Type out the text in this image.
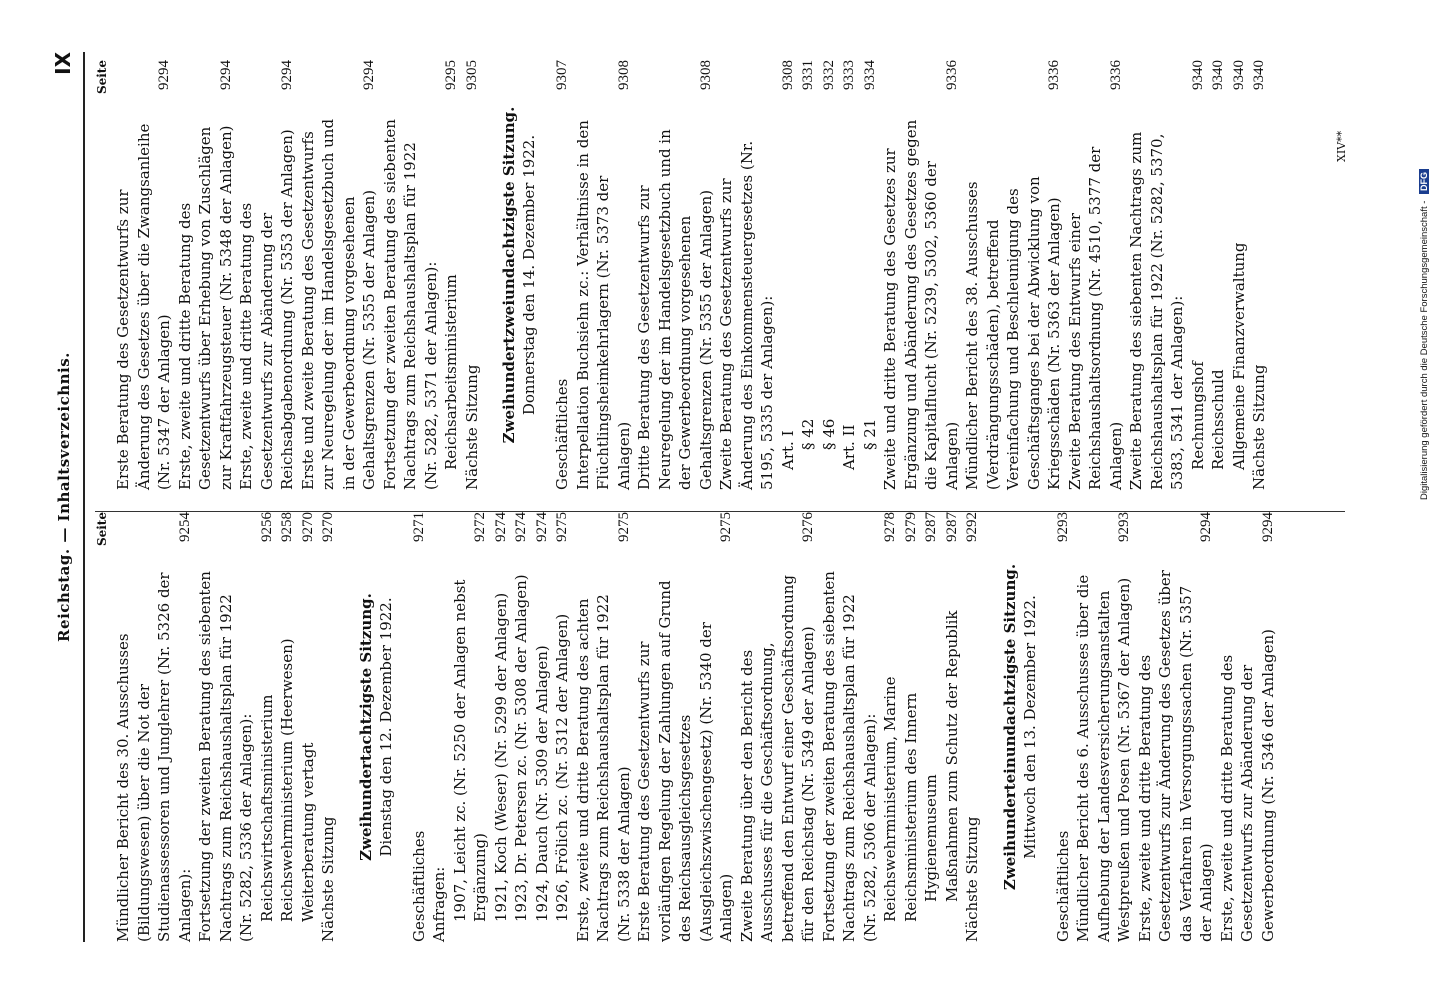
Reichstag. — Inhaltsverzeichnis.
IX
Seite
Mündlicher Bericht des 30. Ausschusses (Bildungswesen) über die Not der Studienassessoren und Junglehrer (Nr. 5326 der Anlagen):
9254
Fortsetzung der zweiten Beratung des siebenten Nachtrags zum Reichshaushaltsplan für 1922 (Nr. 5282, 5336 der Anlagen): Reichswirtschaftsministerium
9256
Reichswehrministerium (Heerwesen)
9258
Weiterberatung vertagt
9270
Nächste Sitzung
9270
Zweihundertachtzigste Sitzung. Dienstag den 12. Dezember 1922.
Geschäftliches
9271
Anfragen: 1907, Leicht zc. (Nr. 5250 der Anlagen nebst Ergänzung)
9272
1921, Koch (Weser) (Nr. 5299 der Anlagen)
9274
1923, Dr. Petersen zc. (Nr. 5308 der Anlagen)
9274
1924, Dauch (Nr. 5309 der Anlagen)
9274
1926, Frölich zc. (Nr. 5312 der Anlagen)
9275
Erste, zweite und dritte Beratung des achten Nachtrags zum Reichshaushaltsplan für 1922 (Nr. 5338 der Anlagen)
9275
Erste Beratung des Gesetzentwurfs zur vorläufigen Regelung der Zahlungen auf Grund des Reichsausgleichsgesetzes (Ausgleichszwischengesetz) (Nr. 5340 der Anlagen)
9275
Zweite Beratung über den Bericht des Ausschusses für die Geschäftsordnung, betreffend den Entwurf einer Geschäftsordnung für den Reichstag (Nr. 5349 der Anlagen)
9276
Fortsetzung der zweiten Beratung des siebenten Nachtrags zum Reichshaushaltsplan für 1922 (Nr. 5282, 5306 der Anlagen): Reichswehrministerium, Marine
9278
Reichsministerium des Innern
9279
Hygienemuseum
9287
Maßnahmen zum Schutz der Republik
9287
Nächste Sitzung
9292
Zweihunderteinundachtzigste Sitzung. Mittwoch den 13. Dezember 1922.
Geschäftliches
9293
Mündlicher Bericht des 6. Ausschusses über die Aufhebung der Landesversicherungsanstalten Westpreußen und Posen (Nr. 5367 der Anlagen)
9293
Erste, zweite und dritte Beratung des Gesetzentwurfs zur Änderung des Gesetzes über das Verfahren in Versorgungssachen (Nr. 5357 der Anlagen)
9294
Erste, zweite und dritte Beratung des Gesetzentwurfs zur Abänderung der Gewerbeordnung (Nr. 5346 der Anlagen)
9294
Seite
Erste Beratung des Gesetzentwurfs zur Änderung des Gesetzes über die Zwangsanleihe (Nr. 5347 der Anlagen)
9294
Erste, zweite und dritte Beratung des Gesetzentwurfs über Erhebung von Zuschlägen zur Kraftfahrzeugsteuer (Nr. 5348 der Anlagen)
9294
Erste, zweite und dritte Beratung des Gesetzentwurfs zur Abänderung der Reichsabgabenordnung (Nr. 5353 der Anlagen)
9294
Erste und zweite Beratung des Gesetzentwurfs zur Neuregelung der im Handelsgesetzbuch und in der Gewerbeordnung vorgesehenen Gehaltsgrenzen (Nr. 5355 der Anlagen)
9294
Fortsetzung der zweiten Beratung des siebenten Nachtrags zum Reichshaushaltsplan für 1922 (Nr. 5282, 5371 der Anlagen): Reichsarbeitsministerium
9295
Nächste Sitzung
9305
Zweihundertzweiundachtzigste Sitzung. Donnerstag den 14. Dezember 1922.
Geschäftliches
9307
Interpellation Buchsiehn zc.: Verhältnisse in den Flüchtlingsheimkehrlagern (Nr. 5373 der Anlagen)
9308
Dritte Beratung des Gesetzentwurfs zur Neuregelung der im Handelsgesetzbuch und in der Gewerbeordnung vorgesehenen Gehaltsgrenzen (Nr. 5355 der Anlagen)
9308
Zweite Beratung des Gesetzentwurfs zur Änderung des Einkommensteuergesetzes (Nr. 5195, 5335 der Anlagen): Art. I
9308
§ 42
9331
§ 46
9332
Art. II
9333
§ 21
9334
Zweite und dritte Beratung des Gesetzes zur Ergänzung und Abänderung des Gesetzes gegen die Kapitalflucht (Nr. 5239, 5302, 5360 der Anlagen)
9336
Mündlicher Bericht des 38. Ausschusses (Verdrängungsschäden), betreffend Vereinfachung und Beschleunigung des Geschäftsganges bei der Abwicklung von Kriegsschäden (Nr. 5363 der Anlagen)
9336
Zweite Beratung des Entwurfs einer Reichshaushaltsordnung (Nr. 4510, 5377 der Anlagen)
9336
Zweite Beratung des siebenten Nachtrags zum Reichshaushaltsplan für 1922 (Nr. 5282, 5370, 5383, 5341 der Anlagen): Rechnungshof
9340
Reichsschuld
9340
Allgemeine Finanzverwaltung
9340
Nächste Sitzung
9340
XIV**
Digitalisierung gefördert durch die Deutsche Forschungsgemeinschaft - DFG
